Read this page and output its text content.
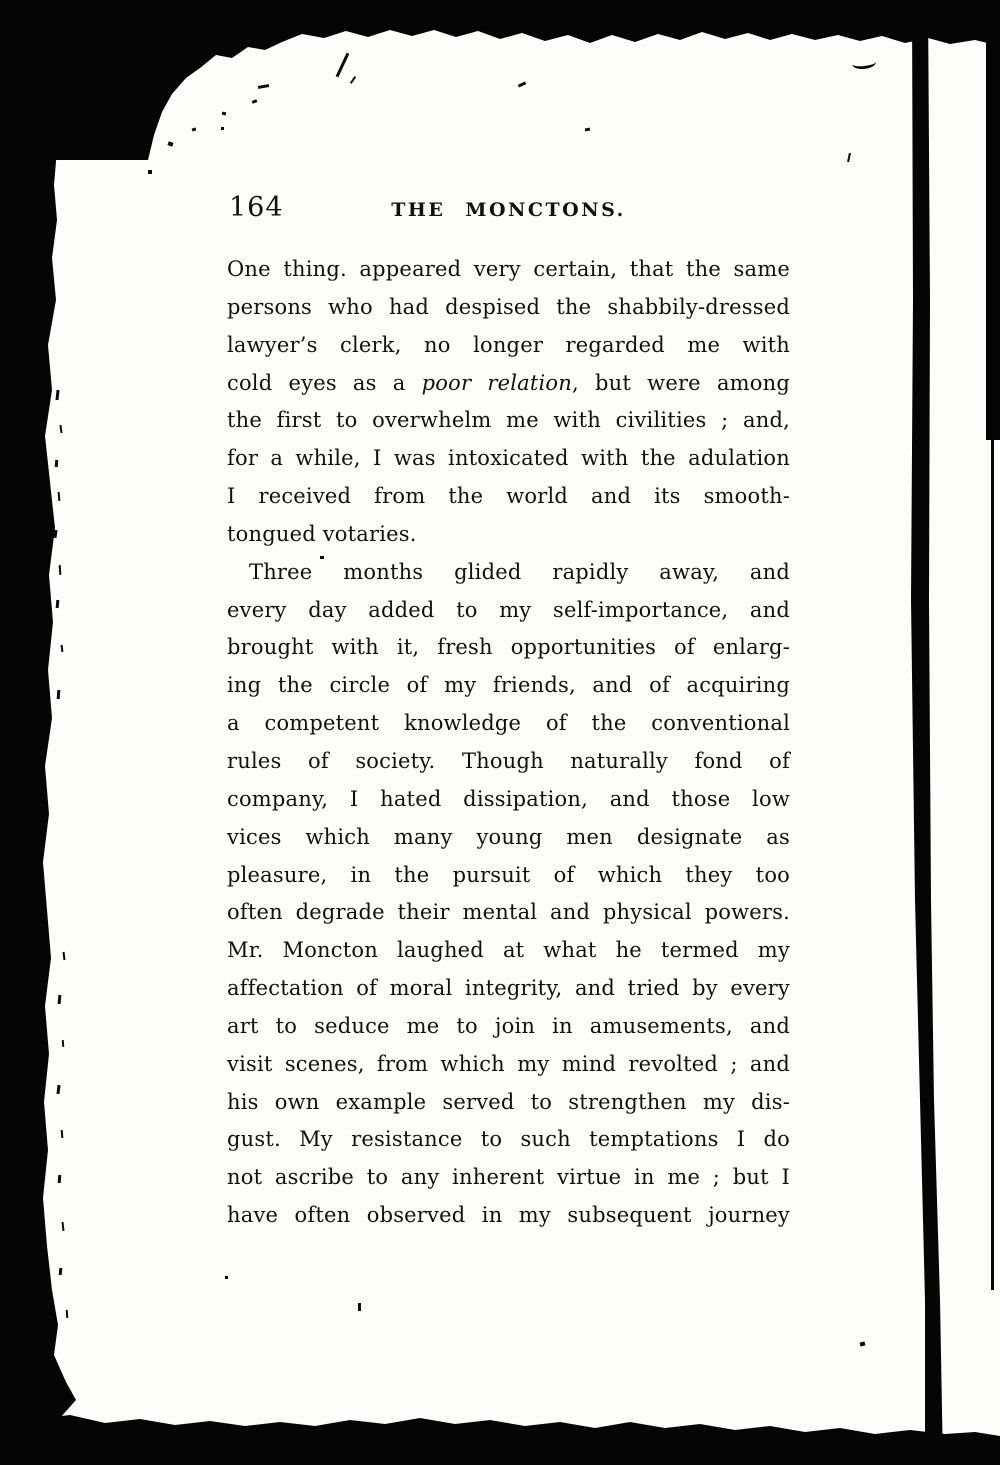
164	THE MONCTONS.
One thing. appeared very certain, that the same
persons who had despised the shabbily-dressed
lawyer’s clerk, no longer regarded me with
cold eyes as a poor relation, but were among
the first to overwhelm me with civilities ; and,
for a while, I was intoxicated with the adulation
I received from the world and its smooth-
tongued votaries.
Three months glided rapidly away, and
every day added to my self-importance, and
brought with it, fresh opportunities of enlarg-
ing the circle of my friends, and of acquiring
a competent knowledge of the conventional
rules of society. Though naturally fond of
company, I hated dissipation, and those low
vices which many young men designate as
pleasure, in the pursuit of which they too
often degrade their mental and physical powers.
Mr. Moncton laughed at what he termed my
affectation of moral integrity, and tried by every
art to seduce me to join in amusements, and
visit scenes, from which my mind revolted ; and
his own example served to strengthen my dis-
gust. My resistance to such temptations I do
not ascribe to any inherent virtue in me ; but I
have often observed in my subsequent journey
